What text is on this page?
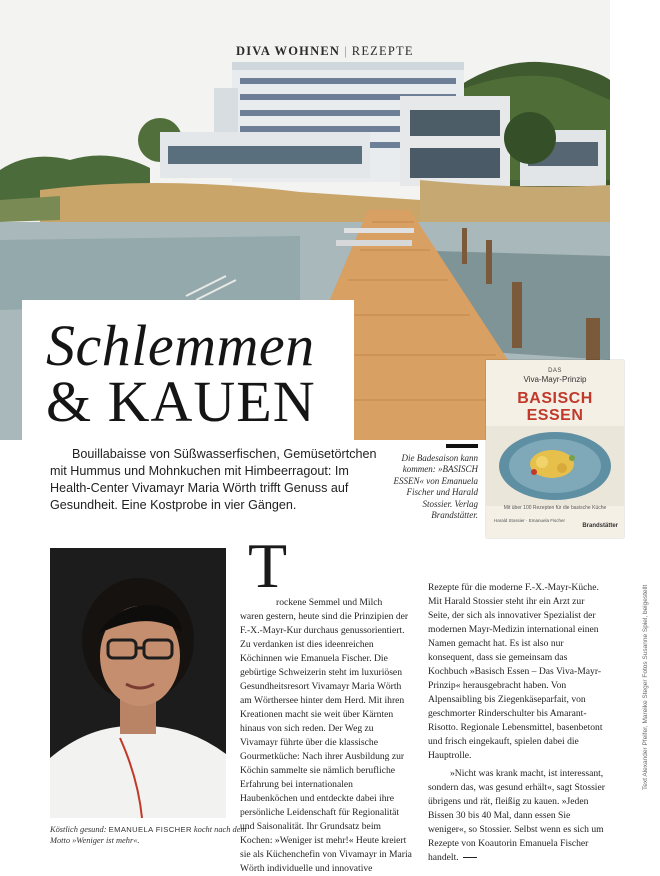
DIVA WOHNEN | REZEPTE
Schlemmen
& KAUEN

Bouillabaisse von Süßwasserfischen, Gemüsetörtchen mit Hummus und Mohnkuchen mit Himbeerragout: Im Health-Center Vivamayr Maria Wörth trifft Genuss auf Gesundheit. Eine Kostprobe in vier Gängen.

Die Badesaison kann kommen: »BASISCH ESSEN« von Emanuela Fischer und Harald Stossier. Verlag Brandstätter.
DAS
Viva-Mayr-Prinzip
BASISCH
ESSEN
Mit über 100 Rezepten für die basische Küche
Harald Stossier · Emanuela Fischer
Brandstätter
Köstlich gesund: EMANUELA FISCHER kocht nach dem Motto »Weniger ist mehr«.
T

rockene Semmel und Milch

waren gestern, heute sind die Prinzipien der F.-X.-Mayr-Kur durchaus genussorientiert. Zu verdanken ist dies ideenreichen Köchinnen wie Emanuela Fischer. Die gebürtige Schweizerin steht im luxuriösen Gesundheitsresort Vivamayr Maria Wörth am Wörthersee hinter dem Herd. Mit ihren Kreationen macht sie weit über Kärnten hinaus von sich reden. Der Weg zu Vivamayr führte über die klassische Gourmetküche: Nach ihrer Ausbildung zur Köchin sammelte sie nämlich berufliche Erfahrung bei internationalen Haubenköchen und entdeckte dabei ihre persönliche Leidenschaft für Regionalität und Saisonalität. Ihr Grundsatz beim Kochen: »Weniger ist mehr!« Heute kreiert sie als Küchenchefin von Vivamayr in Maria Wörth individuelle und innovative

Rezepte für die moderne F.-X.-Mayr-Küche. Mit Harald Stossier steht ihr ein Arzt zur Seite, der sich als innovativer Spezialist der modernen Mayr-Medizin international einen Namen gemacht hat. Es ist also nur konsequent, dass sie gemeinsam das Kochbuch »Basisch Essen – Das Viva-Mayr-Prinzip« herausgebracht haben. Von Alpensaibling bis Ziegenkäseparfait, von geschmorter Rinderschulter bis Amarant-Risotto. Regionale Lebensmittel, basenbetont und frisch eingekauft, spielen dabei die Hauptrolle.

»Nicht was krank macht, ist interessant, sondern das, was gesund erhält«, sagt Stossier übrigens und rät, fleißig zu kauen. »Jeden Bissen 30 bis 40 Mal, dann essen Sie weniger«, so Stossier. Selbst wenn es sich um Rezepte von Koautorin Emanuela Fischer handelt.

Text Alexander Pfeifer, Mareike Steger Fotos Susanne Spiel, beigestellt
